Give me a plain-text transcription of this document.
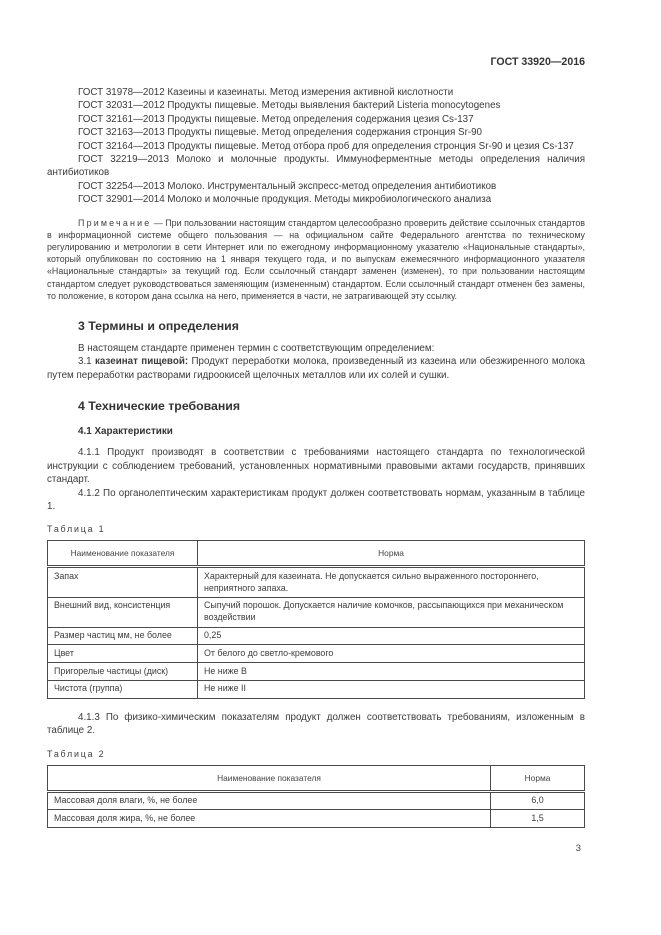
ГОСТ 33920—2016

ГОСТ 31978—2012 Казеины и казеинаты. Метод измерения активной кислотности

ГОСТ 32031—2012 Продукты пищевые. Методы выявления бактерий Listeria monocytogenes

ГОСТ 32161—2013 Продукты пищевые. Метод определения содержания цезия Cs-137

ГОСТ 32163—2013 Продукты пищевые. Метод определения содержания стронция Sr-90

ГОСТ 32164—2013 Продукты пищевые. Метод отбора проб для определения стронция Sr-90 и цезия Cs-137

ГОСТ 32219—2013 Молоко и молочные продукты. Иммуноферментные методы определения наличия антибиотиков

ГОСТ 32254—2013 Молоко. Инструментальный экспресс-метод определения антибиотиков

ГОСТ 32901—2014 Молоко и молочные продукция. Методы микробиологического анализа

Примечание — При пользовании настоящим стандартом целесообразно проверить действие ссылочных стандартов в информационной системе общего пользования — на официальном сайте Федерального агентства по техническому регулированию и метрологии в сети Интернет или по ежегодному информационному указателю «Национальные стандарты», который опубликован по состоянию на 1 января текущего года, и по выпускам ежемесячного информационного указателя «Национальные стандарты» за текущий год. Если ссылочный стандарт заменен (изменен), то при пользовании настоящим стандартом следует руководствоваться заменяющим (измененным) стандартом. Если ссылочный стандарт отменен без замены, то положение, в котором дана ссылка на него, применяется в части, не затрагивающей эту ссылку.

3 Термины и определения

В настоящем стандарте применен термин с соответствующим определением:

3.1 казеинат пищевой: Продукт переработки молока, произведенный из казеина или обезжиренного молока путем переработки растворами гидроокисей щелочных металлов или их солей и сушки.

4 Технические требования
4.1 Характеристики

4.1.1 Продукт производят в соответствии с требованиями настоящего стандарта по технологической инструкции с соблюдением требований, установленных нормативными правовыми актами государств, принявших стандарт.

4.1.2 По органолептическим характеристикам продукт должен соответствовать нормам, указанным в таблице 1.

Таблица 1
Наименование показателя	Норма
Запах	Характерный для казеината. Не допускается сильно выраженного постороннего, неприятного запаха.
Внешний вид, консистенция	Сыпучий порошок. Допускается наличие комочков, рассыпающихся при механическом воздействии
Размер частиц мм, не более	0,25
Цвет	От белого до светло-кремового
Пригорелые частицы (диск)	Не ниже В
Чистота (группа)	Не ниже II

4.1.3 По физико-химическим показателям продукт должен соответствовать требованиям, изложенным в таблице 2.

Таблица 2
Наименование показателя	Норма
Массовая доля влаги, %, не более	6,0
Массовая доля жира, %, не более	1,5
3
